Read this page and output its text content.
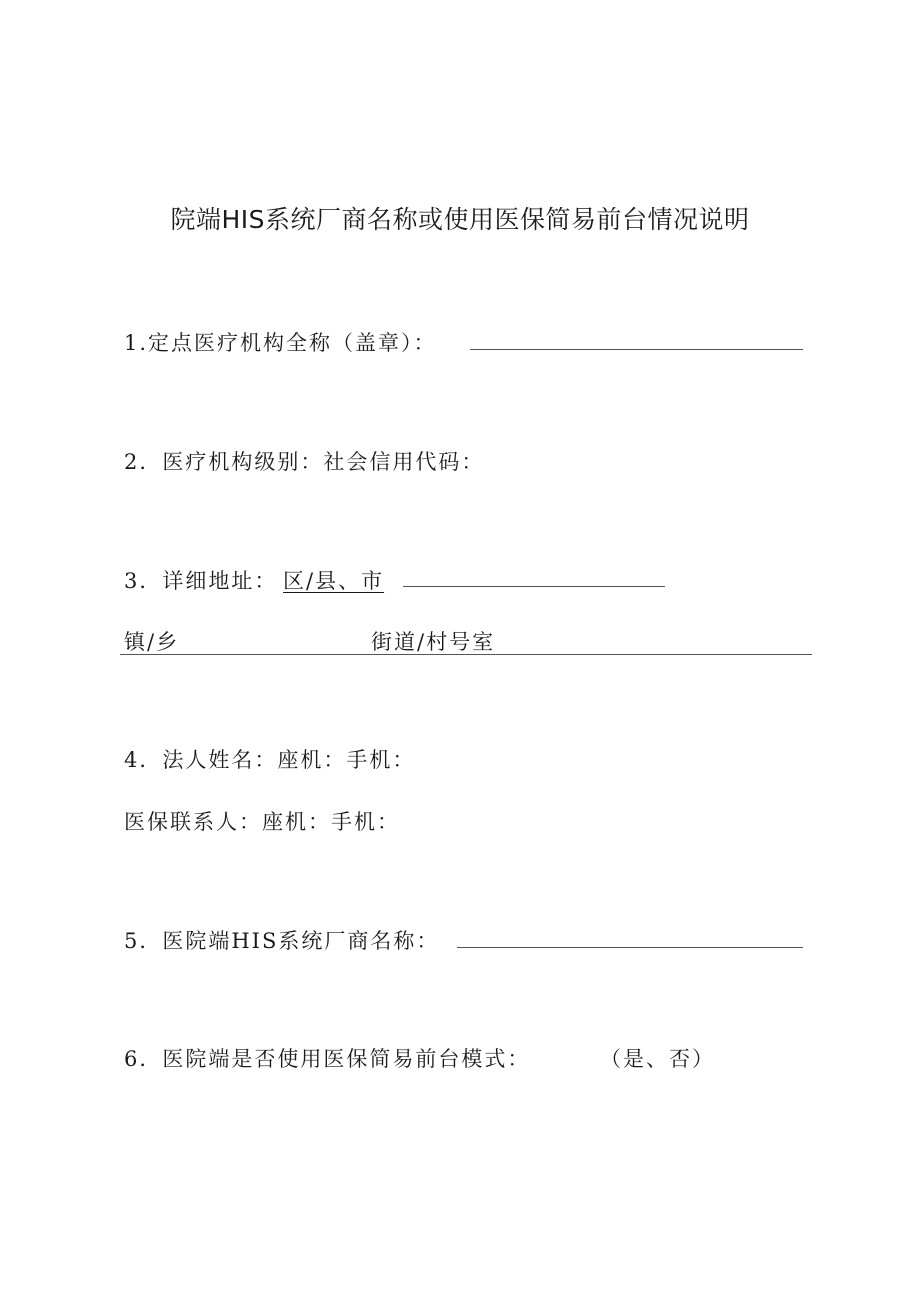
院端HIS系统厂商名称或使用医保简易前台情况说明
1.定点医疗机构全称（盖章）：
2．医疗机构级别：社会信用代码：
3．详细地址： 区/县、市
镇/乡	街道/村号室
4．法人姓名：座机：手机：
医保联系人：座机：手机：
5．医院端HIS系统厂商名称：
6．医院端是否使用医保简易前台模式：	（是、否）
